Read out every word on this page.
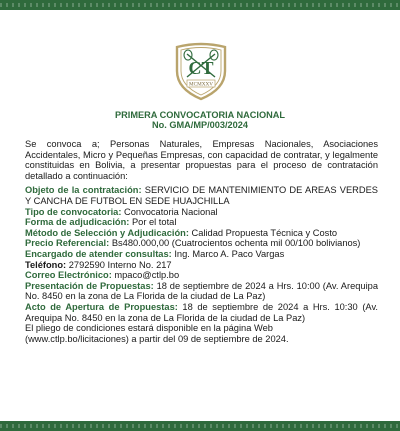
CT
MCMXXV
PRIMERA CONVOCATORIA NACIONAL
No. GMA/MP/003/2024

Se convoca a; Personas Naturales, Empresas Nacionales, Asociaciones Accidentales, Micro y Pequeñas Empresas, con capacidad de contratar, y legalmente constituidas en Bolivia, a presentar propuestas para el proceso de contratación detallado a continuación:

Objeto de la contratación: SERVICIO DE MANTENIMIENTO DE AREAS VERDES Y CANCHA DE FUTBOL EN SEDE HUAJCHILLA

Tipo de convocatoria: Convocatoria Nacional

Forma de adjudicación: Por el total

Método de Selección y Adjudicación: Calidad Propuesta Técnica y Costo

Precio Referencial: Bs480.000,00 (Cuatrocientos ochenta mil 00/100 bolivianos)

Encargado de atender consultas: Ing. Marco A. Paco Vargas

Teléfono: 2792590 Interno No. 217

Correo Electrónico: mpaco@ctlp.bo

Presentación de Propuestas: 18 de septiembre de 2024 a Hrs. 10:00 (Av. Arequipa No. 8450 en la zona de La Florida de la ciudad de La Paz)

Acto de Apertura de Propuestas: 18 de septiembre de 2024 a Hrs. 10:30 (Av. Arequipa No. 8450 en la zona de La Florida de la ciudad de La Paz)

El pliego de condiciones estará disponible en la página Web (www.ctlp.bo/licitaciones) a partir del 09 de septiembre de 2024.
